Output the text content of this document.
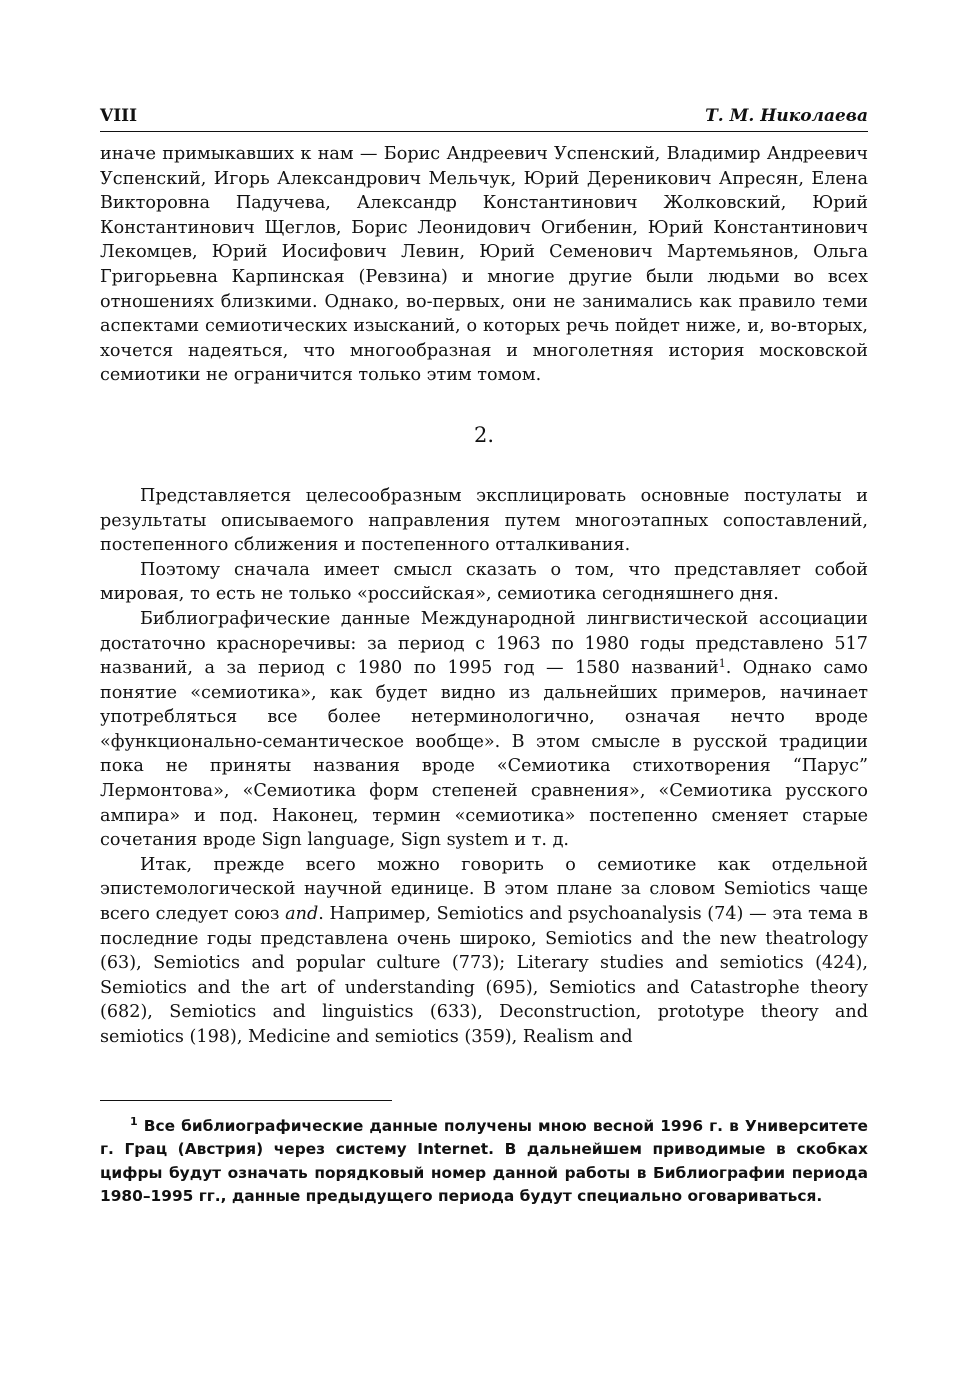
VIII	Т. М. Николаева

иначе примыкавших к нам — Борис Андреевич Успенский, Владимир Андреевич Успенский, Игорь Александрович Мельчук, Юрий Дереникович Апресян, Елена Викторовна Падучева, Александр Константинович Жолковский, Юрий Константинович Щеглов, Борис Леонидович Огибенин, Юрий Константинович Лекомцев, Юрий Иосифович Левин, Юрий Семенович Мартемьянов, Ольга Григорьевна Карпинская (Ревзина) и многие другие были людьми во всех отношениях близкими. Однако, во-первых, они не занимались как правило теми аспектами семиотических изысканий, о которых речь пойдет ниже, и, во-вторых, хочется надеяться, что многообразная и многолетняя история московской семиотики не ограничится только этим томом.

2.

Представляется целесообразным эксплицировать основные постулаты и результаты описываемого направления путем многоэтапных сопоставлений, постепенного сближения и постепенного отталкивания.

Поэтому сначала имеет смысл сказать о том, что представляет собой мировая, то есть не только «российская», семиотика сегодняшнего дня.

Библиографические данные Международной лингвистической ассоциации достаточно красноречивы: за период с 1963 по 1980 годы представлено 517 названий, а за период с 1980 по 1995 год — 1580 названий$^1$. Однако само понятие «семиотика», как будет видно из дальнейших примеров, начинает употребляться все более нетерминологично, означая нечто вроде «функционально-семантическое вообще». В этом смысле в русской традиции пока не приняты названия вроде «Семиотика стихотворения “Парус” Лермонтова», «Семиотика форм степеней сравнения», «Семиотика русского ампира» и под. Наконец, термин «семиотика» постепенно сменяет старые сочетания вроде Sign language, Sign system и т. д.

Итак, прежде всего можно говорить о семиотике как отдельной эпистемологической научной единице. В этом плане за словом Semiotics чаще всего следует союз and. Например, Semiotics and psychoanalysis (74) — эта тема в последние годы представлена очень широко, Semiotics and the new theatrology (63), Semiotics and popular culture (773); Literary studies and semiotics (424), Semiotics and the art of understanding (695), Semiotics and Catastrophe theory (682), Semiotics and linguistics (633), Deconstruction, prototype theory and semiotics (198), Medicine and semiotics (359), Realism and

$^1$ Все библиографические данные получены мною весной 1996 г. в Университете г. Грац (Австрия) через систему Internet. В дальнейшем приводимые в скобках цифры будут означать порядковый номер данной работы в Библиографии периода 1980–1995 гг., данные предыдущего периода будут специально оговариваться.
